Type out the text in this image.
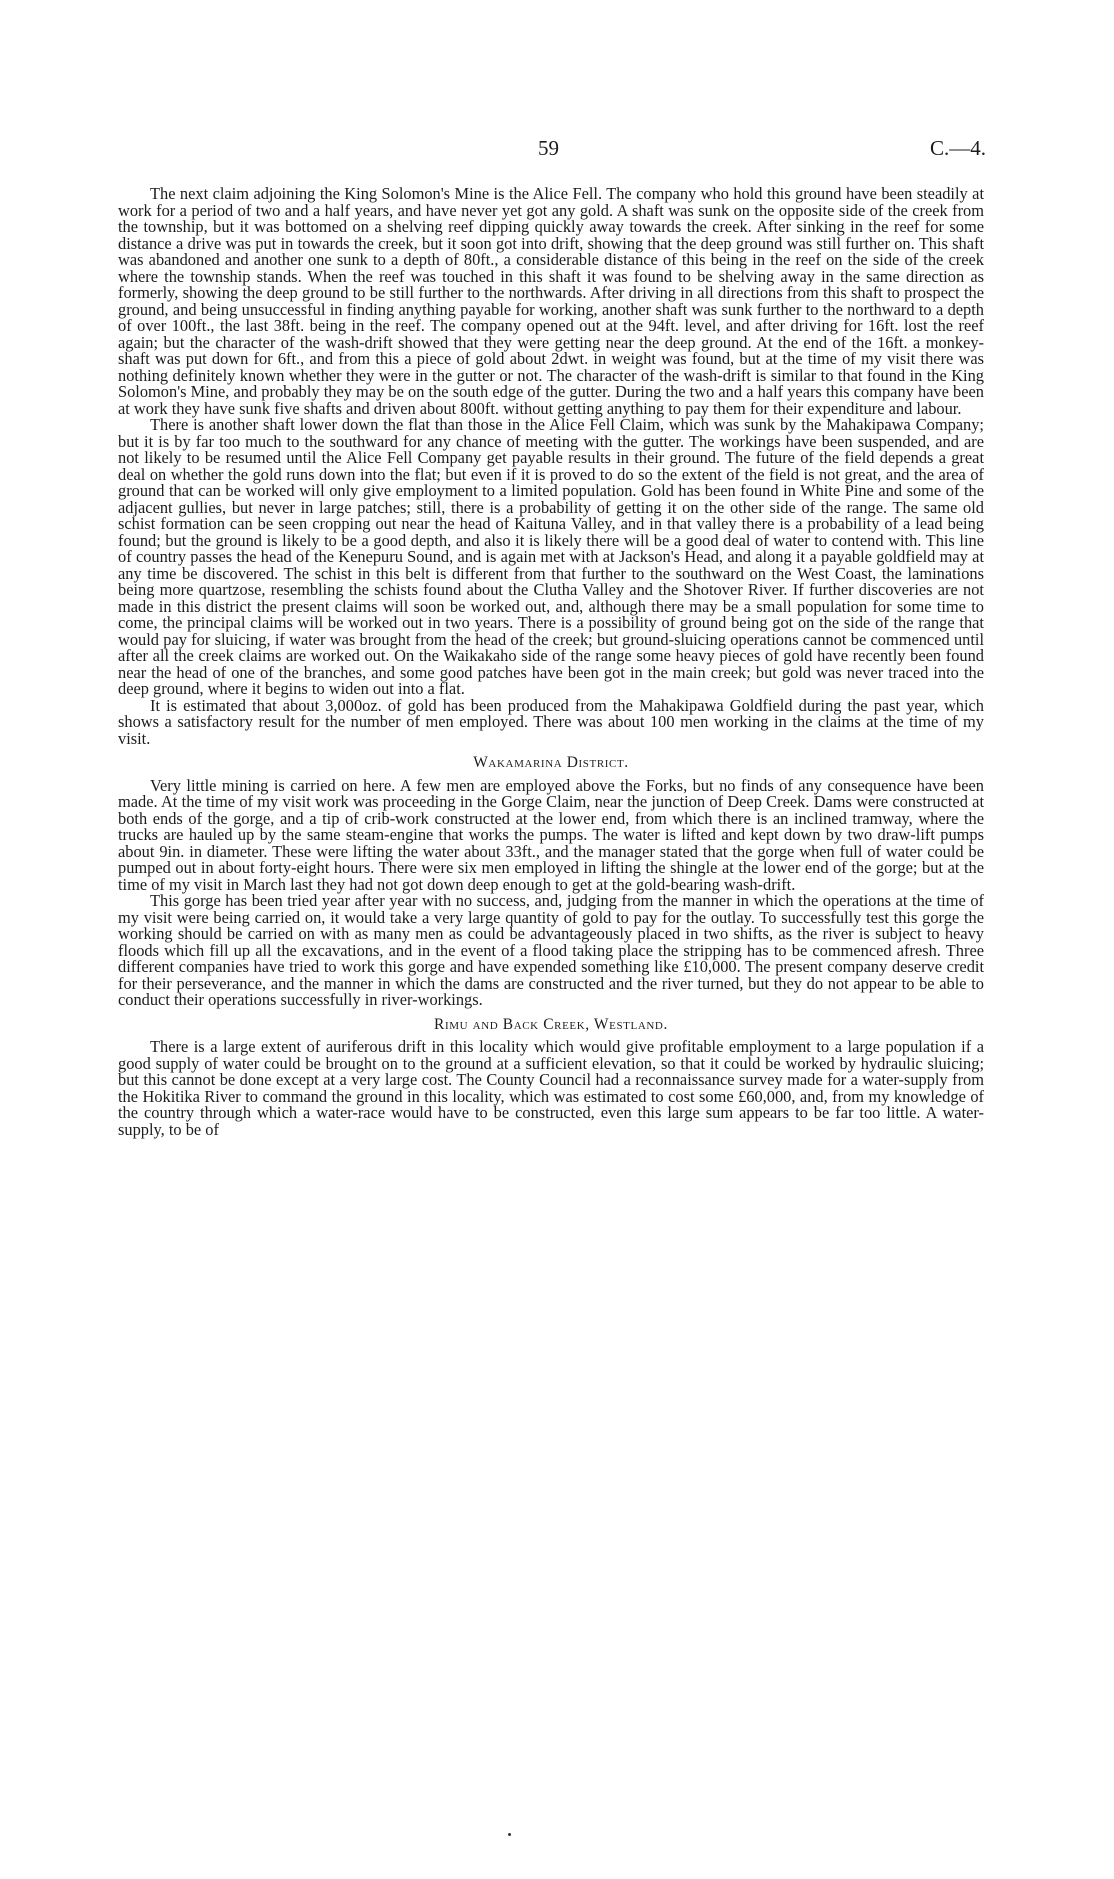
59	C.—4.

The next claim adjoining the King Solomon's Mine is the Alice Fell. The company who hold this ground have been steadily at work for a period of two and a half years, and have never yet got any gold. A shaft was sunk on the opposite side of the creek from the township, but it was bottomed on a shelving reef dipping quickly away towards the creek. After sinking in the reef for some distance a drive was put in towards the creek, but it soon got into drift, showing that the deep ground was still further on. This shaft was abandoned and another one sunk to a depth of 80ft., a considerable distance of this being in the reef on the side of the creek where the township stands. When the reef was touched in this shaft it was found to be shelving away in the same direction as formerly, showing the deep ground to be still further to the northwards. After driving in all directions from this shaft to prospect the ground, and being unsuccessful in finding anything payable for working, another shaft was sunk further to the northward to a depth of over 100ft., the last 38ft. being in the reef. The company opened out at the 94ft. level, and after driving for 16ft. lost the reef again; but the character of the wash-drift showed that they were getting near the deep ground. At the end of the 16ft. a monkey-shaft was put down for 6ft., and from this a piece of gold about 2dwt. in weight was found, but at the time of my visit there was nothing definitely known whether they were in the gutter or not. The character of the wash-drift is similar to that found in the King Solomon's Mine, and probably they may be on the south edge of the gutter. During the two and a half years this company have been at work they have sunk five shafts and driven about 800ft. without getting anything to pay them for their expenditure and labour.

There is another shaft lower down the flat than those in the Alice Fell Claim, which was sunk by the Mahakipawa Company; but it is by far too much to the southward for any chance of meeting with the gutter. The workings have been suspended, and are not likely to be resumed until the Alice Fell Company get payable results in their ground. The future of the field depends a great deal on whether the gold runs down into the flat; but even if it is proved to do so the extent of the field is not great, and the area of ground that can be worked will only give employment to a limited population. Gold has been found in White Pine and some of the adjacent gullies, but never in large patches; still, there is a probability of getting it on the other side of the range. The same old schist formation can be seen cropping out near the head of Kaituna Valley, and in that valley there is a probability of a lead being found; but the ground is likely to be a good depth, and also it is likely there will be a good deal of water to contend with. This line of country passes the head of the Kenepuru Sound, and is again met with at Jackson's Head, and along it a payable goldfield may at any time be discovered. The schist in this belt is different from that further to the southward on the West Coast, the laminations being more quartzose, resembling the schists found about the Clutha Valley and the Shotover River. If further discoveries are not made in this district the present claims will soon be worked out, and, although there may be a small population for some time to come, the principal claims will be worked out in two years. There is a possibility of ground being got on the side of the range that would pay for sluicing, if water was brought from the head of the creek; but ground-sluicing operations cannot be commenced until after all the creek claims are worked out. On the Waikakaho side of the range some heavy pieces of gold have recently been found near the head of one of the branches, and some good patches have been got in the main creek; but gold was never traced into the deep ground, where it begins to widen out into a flat.

It is estimated that about 3,000oz. of gold has been produced from the Mahakipawa Goldfield during the past year, which shows a satisfactory result for the number of men employed. There was about 100 men working in the claims at the time of my visit.

Wakamarina District.

Very little mining is carried on here. A few men are employed above the Forks, but no finds of any consequence have been made. At the time of my visit work was proceeding in the Gorge Claim, near the junction of Deep Creek. Dams were constructed at both ends of the gorge, and a tip of crib-work constructed at the lower end, from which there is an inclined tramway, where the trucks are hauled up by the same steam-engine that works the pumps. The water is lifted and kept down by two draw-lift pumps about 9in. in diameter. These were lifting the water about 33ft., and the manager stated that the gorge when full of water could be pumped out in about forty-eight hours. There were six men employed in lifting the shingle at the lower end of the gorge; but at the time of my visit in March last they had not got down deep enough to get at the gold-bearing wash-drift.

This gorge has been tried year after year with no success, and, judging from the manner in which the operations at the time of my visit were being carried on, it would take a very large quantity of gold to pay for the outlay. To successfully test this gorge the working should be carried on with as many men as could be advantageously placed in two shifts, as the river is subject to heavy floods which fill up all the excavations, and in the event of a flood taking place the stripping has to be commenced afresh. Three different companies have tried to work this gorge and have expended something like £10,000. The present company deserve credit for their perseverance, and the manner in which the dams are constructed and the river turned, but they do not appear to be able to conduct their operations successfully in river-workings.

Rimu and Back Creek, Westland.

There is a large extent of auriferous drift in this locality which would give profitable employment to a large population if a good supply of water could be brought on to the ground at a sufficient elevation, so that it could be worked by hydraulic sluicing; but this cannot be done except at a very large cost. The County Council had a reconnaissance survey made for a water-supply from the Hokitika River to command the ground in this locality, which was estimated to cost some £60,000, and, from my knowledge of the country through which a water-race would have to be constructed, even this large sum appears to be far too little. A water-supply, to be of
